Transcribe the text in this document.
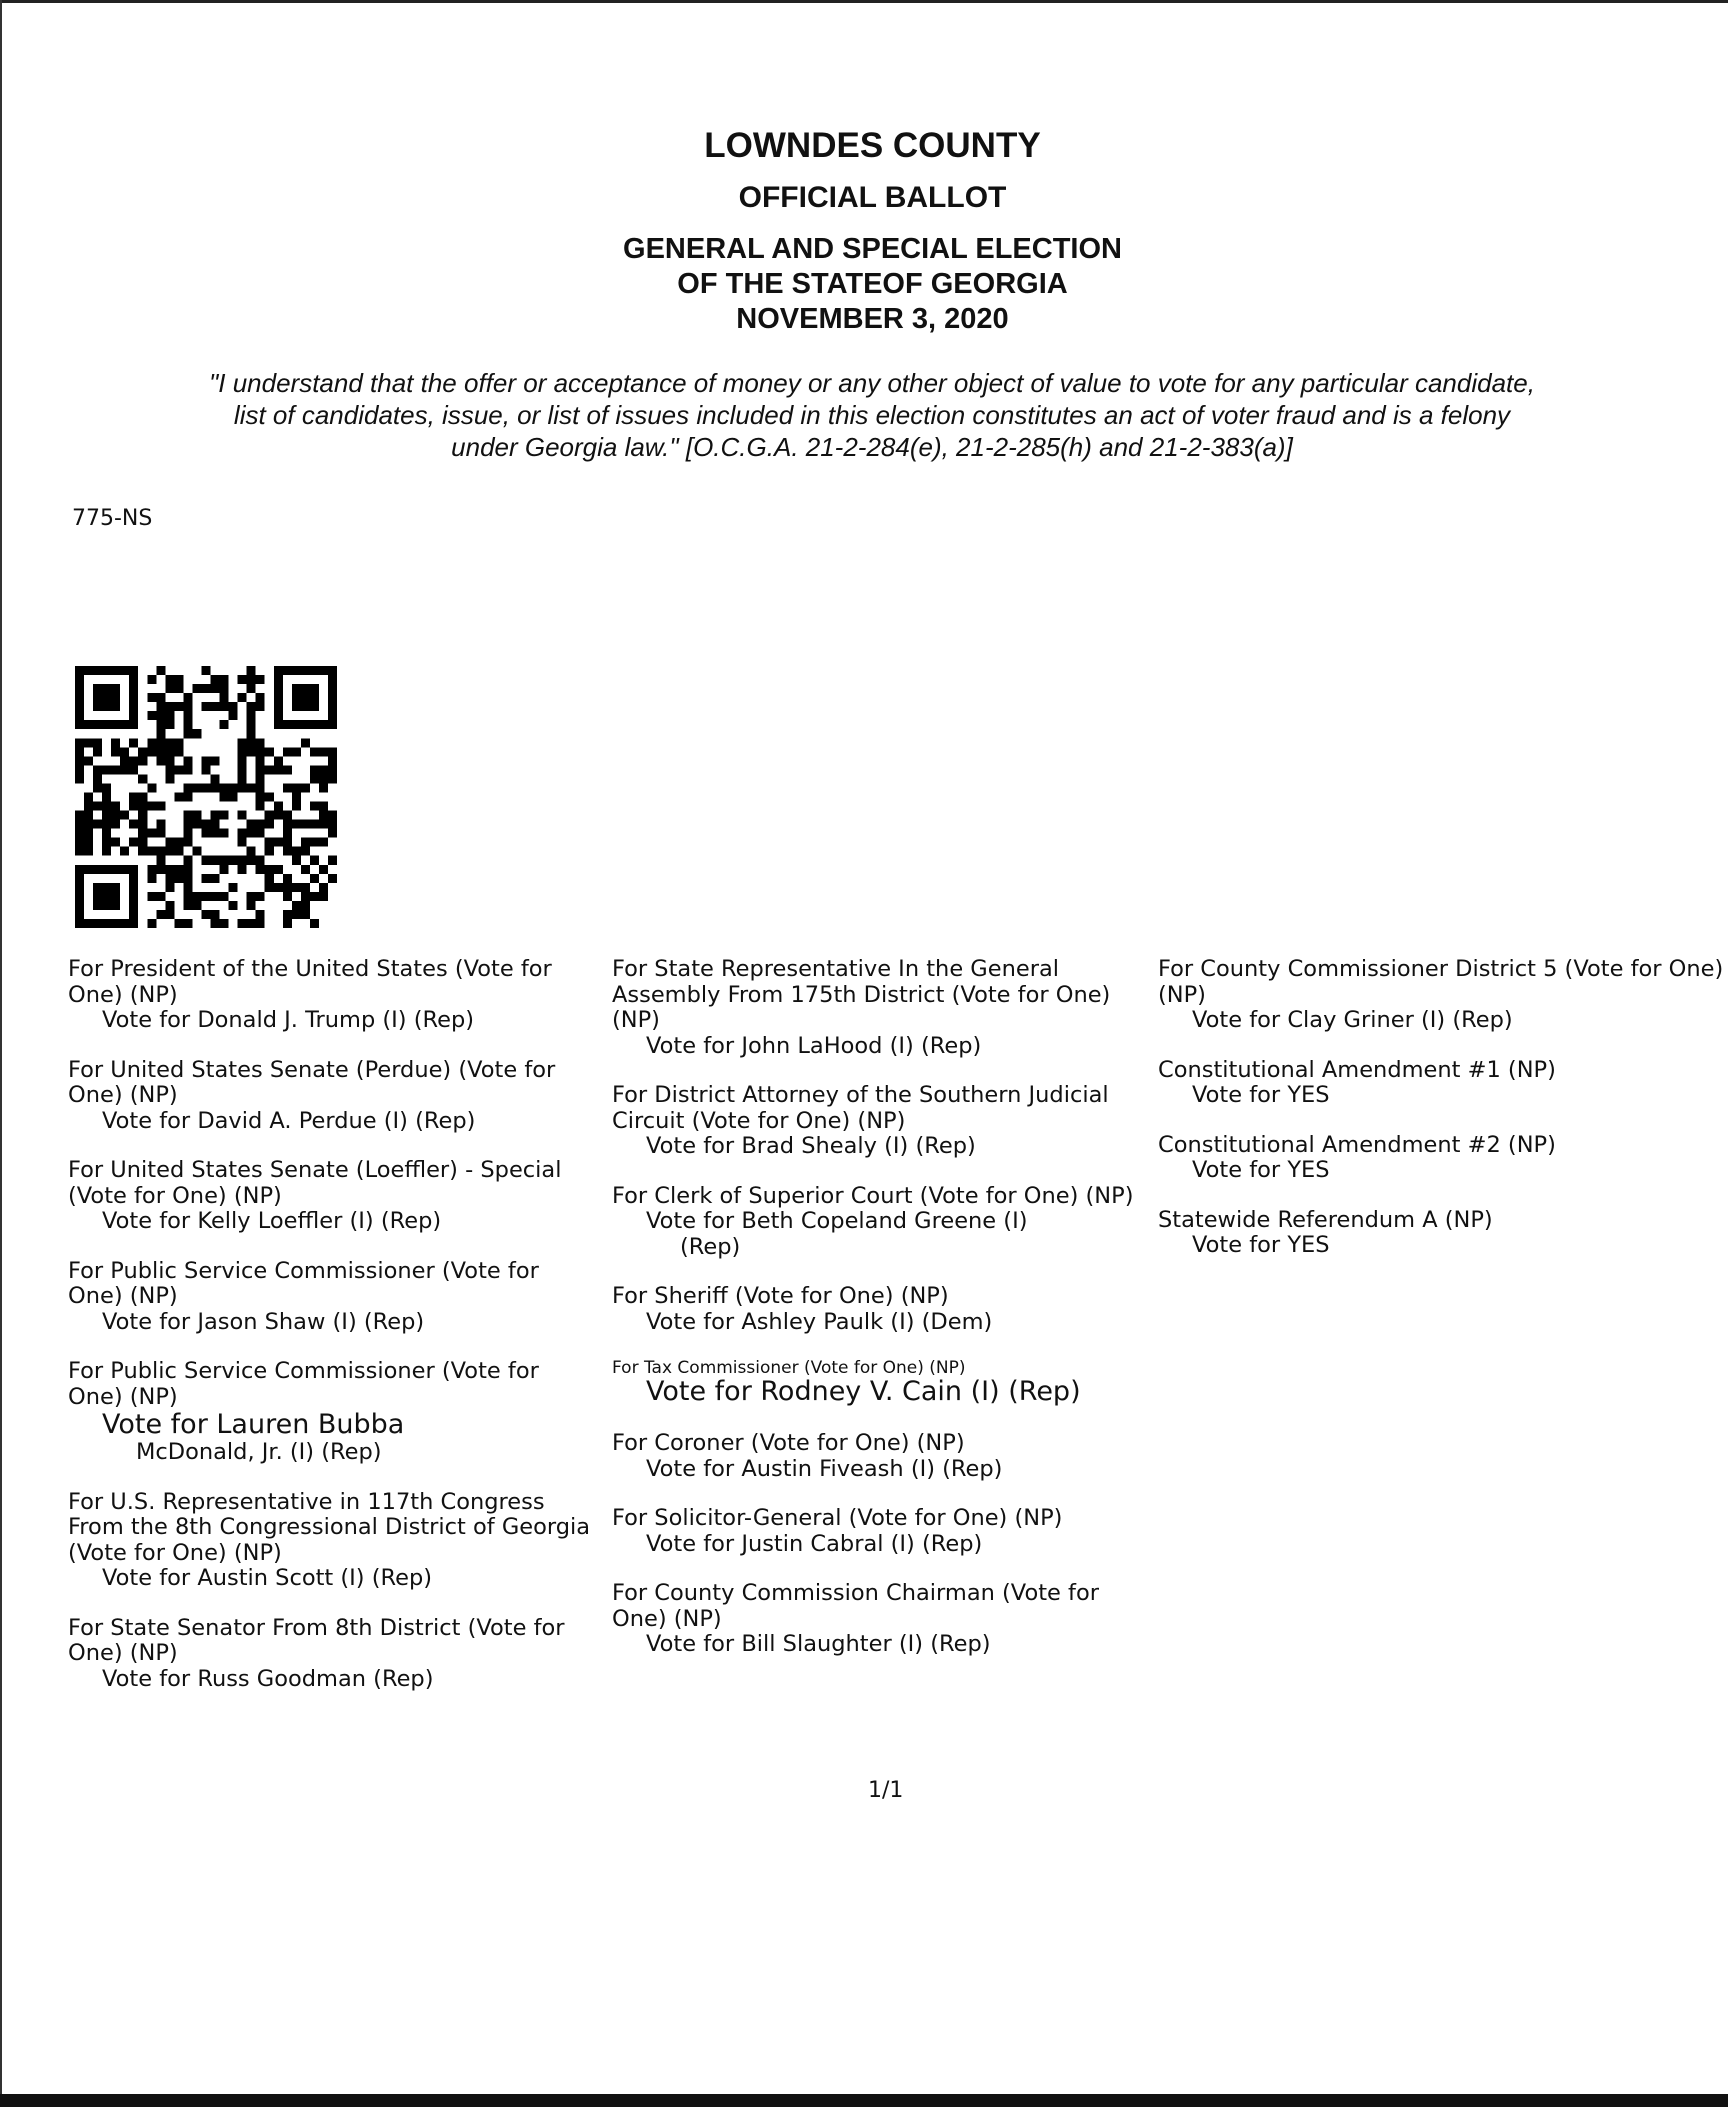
LOWNDES COUNTY
OFFICIAL BALLOT
GENERAL AND SPECIAL ELECTION
OF THE STATEOF GEORGIA
NOVEMBER 3, 2020
"I understand that the offer or acceptance of money or any other object of value to vote for any particular candidate,
list of candidates, issue, or list of issues included in this election constitutes an act of voter fraud and is a felony
under Georgia law." [O.C.G.A. 21-2-284(e), 21-2-285(h) and 21-2-383(a)]
775-NS
For President of the United States (Vote for One) (NP)
Vote for Donald J. Trump (I) (Rep)
For United States Senate (Perdue) (Vote for One) (NP)
Vote for David A. Perdue (I) (Rep)
For United States Senate (Loeffler) - Special (Vote for One) (NP)
Vote for Kelly Loeffler (I) (Rep)
For Public Service Commissioner (Vote for One) (NP)
Vote for Jason Shaw (I) (Rep)
For Public Service Commissioner (Vote for One) (NP)
Vote for Lauren Bubba
McDonald, Jr. (I) (Rep)
For U.S. Representative in 117th Congress From the 8th Congressional District of Georgia (Vote for One) (NP)
Vote for Austin Scott (I) (Rep)
For State Senator From 8th District (Vote for One) (NP)
Vote for Russ Goodman (Rep)
For State Representative In the General Assembly From 175th District (Vote for One) (NP)
Vote for John LaHood (I) (Rep)
For District Attorney of the Southern Judicial Circuit (Vote for One) (NP)
Vote for Brad Shealy (I) (Rep)
For Clerk of Superior Court (Vote for One) (NP)
Vote for Beth Copeland Greene (I)
(Rep)
For Sheriff (Vote for One) (NP)
Vote for Ashley Paulk (I) (Dem)
For Tax Commissioner (Vote for One) (NP)
Vote for Rodney V. Cain (I) (Rep)
For Coroner (Vote for One) (NP)
Vote for Austin Fiveash (I) (Rep)
For Solicitor-General (Vote for One) (NP)
Vote for Justin Cabral (I) (Rep)
For County Commission Chairman (Vote for One) (NP)
Vote for Bill Slaughter (I) (Rep)
For County Commissioner District 5 (Vote for One) (NP)
Vote for Clay Griner (I) (Rep)
Constitutional Amendment #1 (NP)
Vote for YES
Constitutional Amendment #2 (NP)
Vote for YES
Statewide Referendum A (NP)
Vote for YES
1/1
